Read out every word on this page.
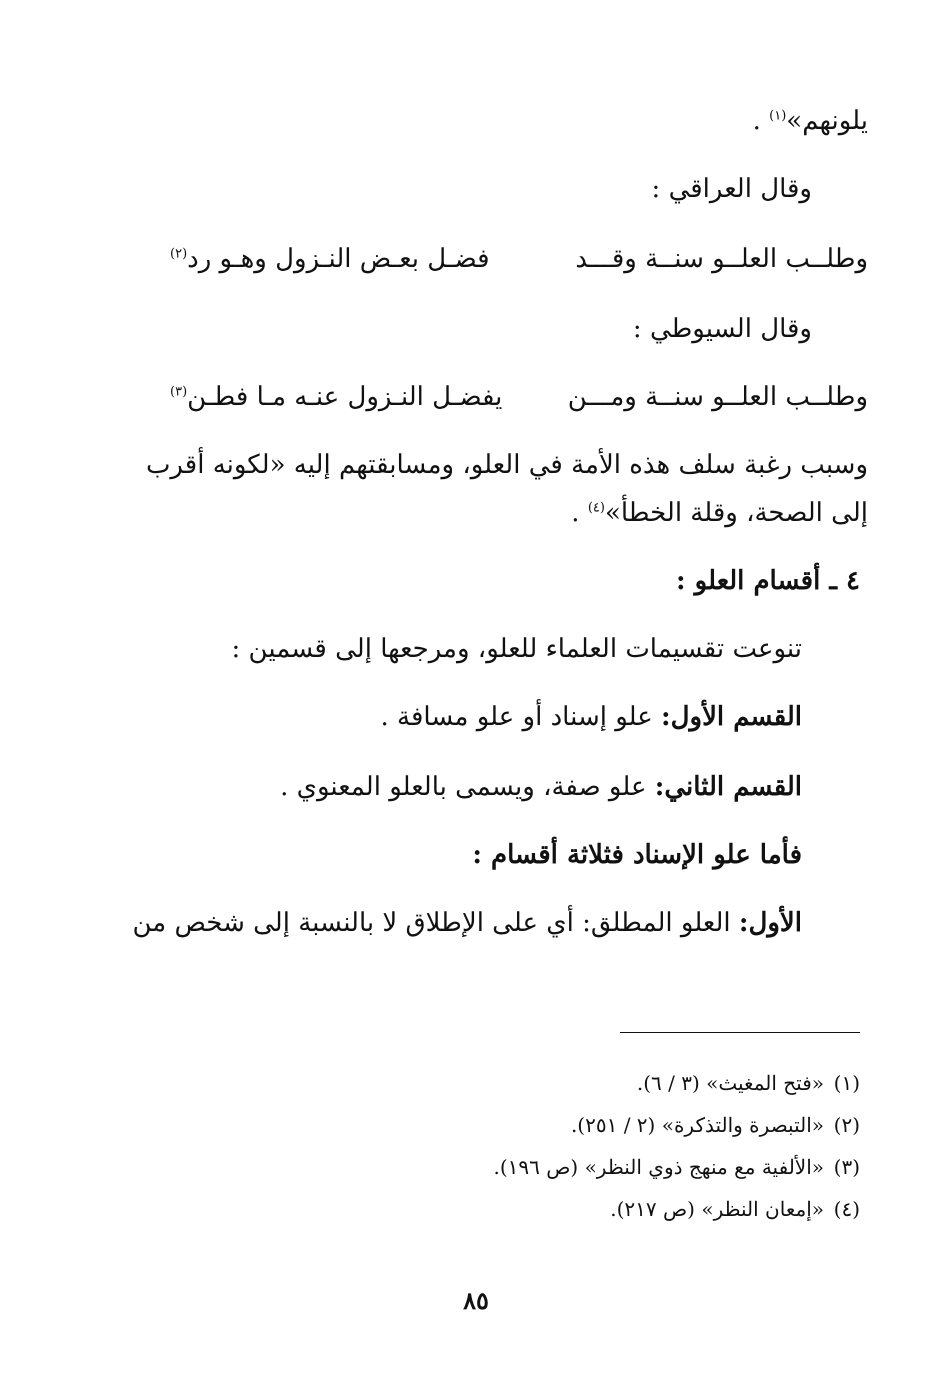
يلونهم»$^{(١)}$ .
وقال العراقي :
وطلــب العلــو سنــة وقـــد
فضـل بعـض النـزول وهـو رد$^{(٢)}$
وقال السيوطي :
وطلــب العلــو سنــة ومـــن
يفضـل النـزول عنـه مـا فطـن$^{(٣)}$
وسبب رغبة سلف هذه الأمة في العلو، ومسابقتهم إليه «لكونه أقرب
إلى الصحة، وقلة الخطأ»$^{(٤)}$ .
٤ ـ أقسام العلو :
تنوعت تقسيمات العلماء للعلو، ومرجعها إلى قسمين :
القسم الأول: علو إسناد أو علو مسافة .
القسم الثاني: علو صفة، ويسمى بالعلو المعنوي .
فأما علو الإسناد فثلاثة أقسام :
الأول: العلو المطلق: أي على الإطلاق لا بالنسبة إلى شخص من
(١)«فتح المغيث» (٣ / ٦).
(٢)«التبصرة والتذكرة» (٢ / ٢٥١).
(٣)«الألفية مع منهج ذوي النظر» (ص ١٩٦).
(٤)«إمعان النظر» (ص ٢١٧).
٨٥
